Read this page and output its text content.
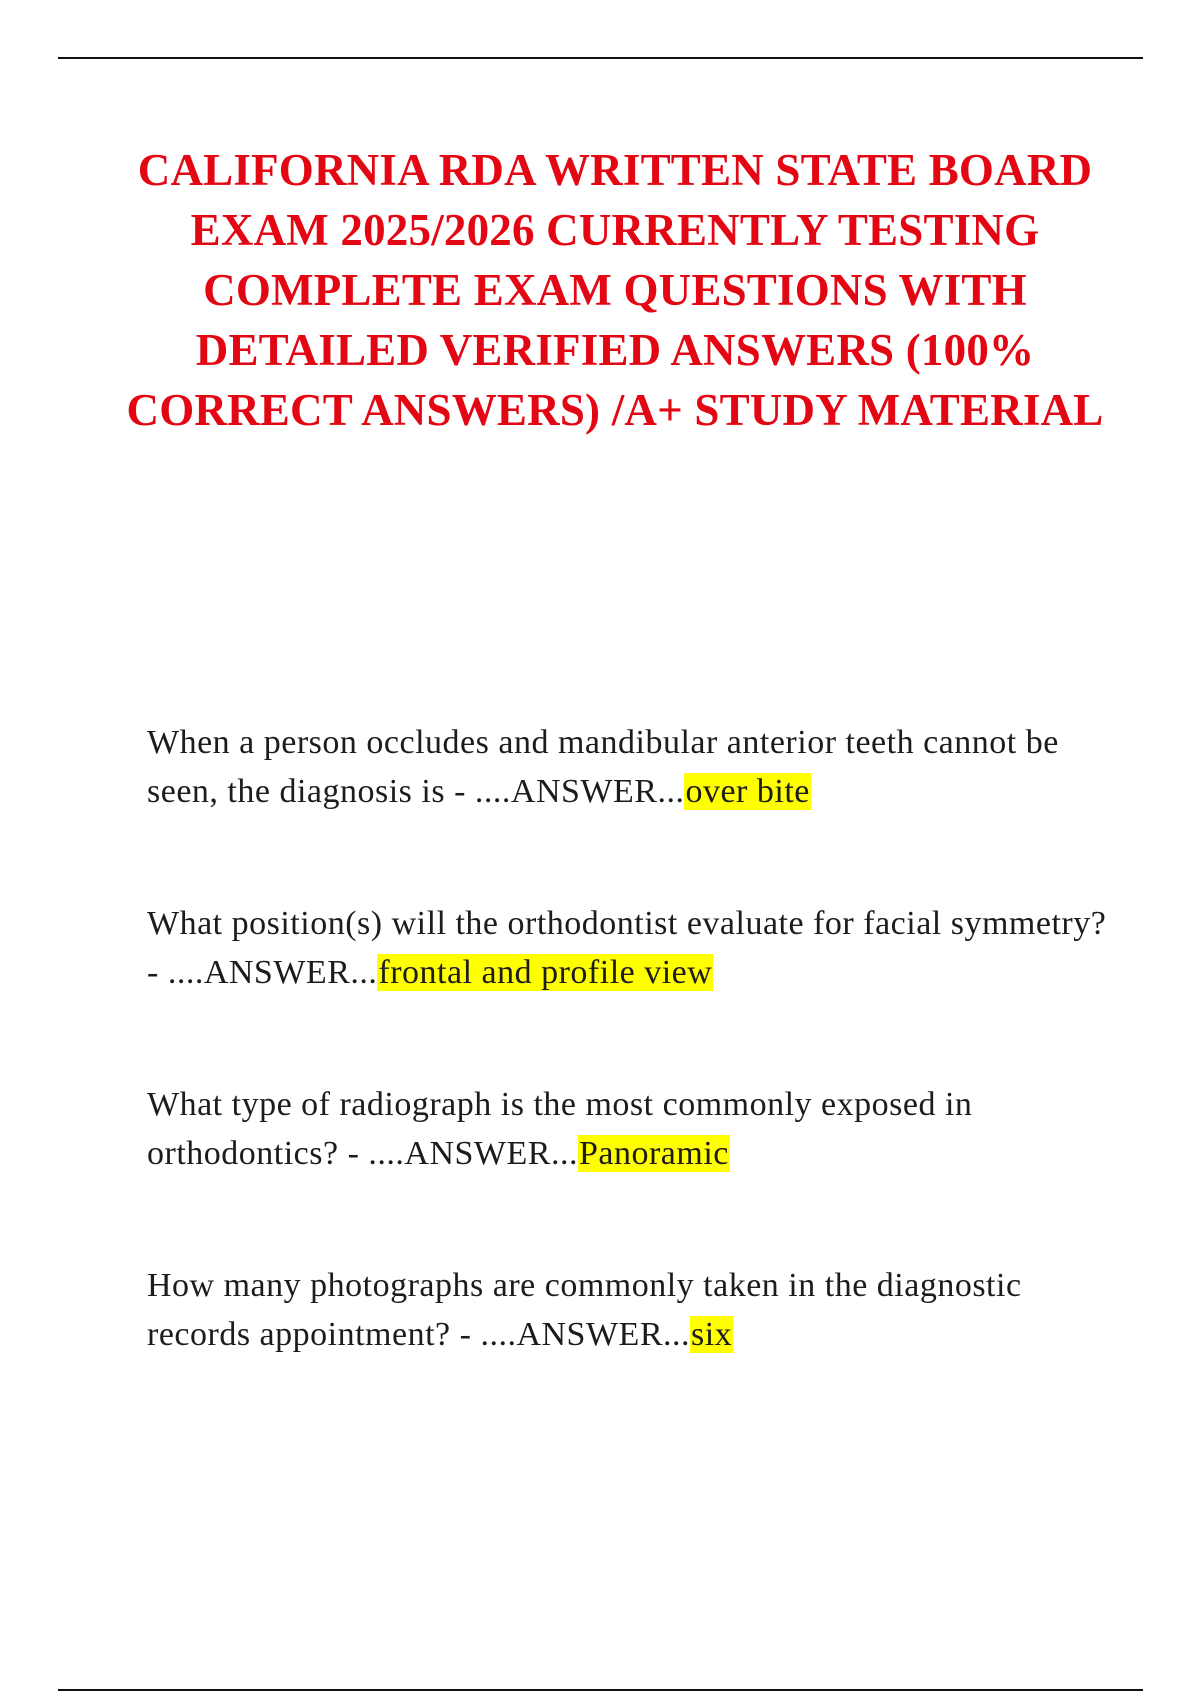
CALIFORNIA RDA WRITTEN STATE BOARD EXAM 2025/2026 CURRENTLY TESTING COMPLETE EXAM QUESTIONS WITH DETAILED VERIFIED ANSWERS (100% CORRECT ANSWERS) /A+ STUDY MATERIAL

When a person occludes and mandibular anterior teeth cannot be seen, the diagnosis is - ....ANSWER...over bite

What position(s) will the orthodontist evaluate for facial symmetry? - ....ANSWER...frontal and profile view

What type of radiograph is the most commonly exposed in orthodontics? - ....ANSWER...Panoramic

How many photographs are commonly taken in the diagnostic records appointment? - ....ANSWER...six
